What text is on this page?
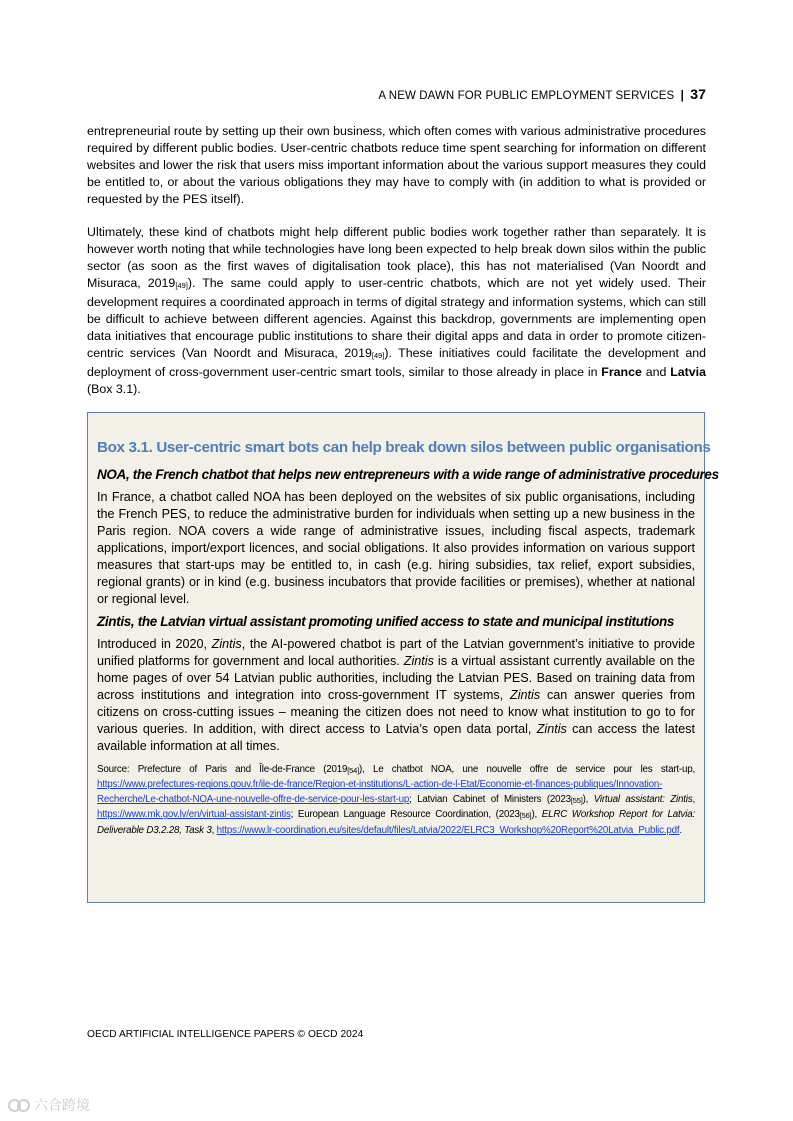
A NEW DAWN FOR PUBLIC EMPLOYMENT SERVICES | 37

entrepreneurial route by setting up their own business, which often comes with various administrative procedures required by different public bodies. User-centric chatbots reduce time spent searching for information on different websites and lower the risk that users miss important information about the various support measures they could be entitled to, or about the various obligations they may have to comply with (in addition to what is provided or requested by the PES itself).

Ultimately, these kind of chatbots might help different public bodies work together rather than separately. It is however worth noting that while technologies have long been expected to help break down silos within the public sector (as soon as the first waves of digitalisation took place), this has not materialised (Van Noordt and Misuraca, $2019_{[49]}$). The same could apply to user-centric chatbots, which are not yet widely used. Their development requires a coordinated approach in terms of digital strategy and information systems, which can still be difficult to achieve between different agencies. Against this backdrop, governments are implementing open data initiatives that encourage public institutions to share their digital apps and data in order to promote citizen-centric services (Van Noordt and Misuraca, $2019_{[49]}$). These initiatives could facilitate the development and deployment of cross-government user-centric smart tools, similar to those already in place in France and Latvia (Box 3.1).

Box 3.1. User-centric smart bots can help break down silos between public organisations
NOA, the French chatbot that helps new entrepreneurs with a wide range of administrative procedures

In France, a chatbot called NOA has been deployed on the websites of six public organisations, including the French PES, to reduce the administrative burden for individuals when setting up a new business in the Paris region. NOA covers a wide range of administrative issues, including fiscal aspects, trademark applications, import/export licences, and social obligations. It also provides information on various support measures that start-ups may be entitled to, in cash (e.g. hiring subsidies, tax relief, export subsidies, regional grants) or in kind (e.g. business incubators that provide facilities or premises), whether at national or regional level.

Zintis, the Latvian virtual assistant promoting unified access to state and municipal institutions

Introduced in 2020, Zintis, the AI-powered chatbot is part of the Latvian government’s initiative to provide unified platforms for government and local authorities. Zintis is a virtual assistant currently available on the home pages of over 54 Latvian public authorities, including the Latvian PES. Based on training data from across institutions and integration into cross-government IT systems, Zintis can answer queries from citizens on cross-cutting issues – meaning the citizen does not need to know what institution to go to for various queries. In addition, with direct access to Latvia’s open data portal, Zintis can access the latest available information at all times.

Source: Prefecture of Paris and Île-de-France $(2019_{[54]})$, Le chatbot NOA, une nouvelle offre de service pour les start-up, https://www.prefectures-regions.gouv.fr/ile-de-france/Region-et-institutions/L-action-de-l-Etat/Economie-et-finances-publiques/Innovation-Recherche/Le-chatbot-NOA-une-nouvelle-offre-de-service-pour-les-start-up; Latvian Cabinet of Ministers $(2023_{[55]})$, Virtual assistant: Zintis, https://www.mk.gov.lv/en/virtual-assistant-zintis; European Language Resource Coordination, $(2023_{[56]})$, ELRC Workshop Report for Latvia: Deliverable D3.2.28, Task 3, https://www.lr-coordination.eu/sites/default/files/Latvia/2022/ELRC3_Workshop%20Report%20Latvia_Public.pdf.
OECD ARTIFICIAL INTELLIGENCE PAPERS © OECD 2024
六合跨境
